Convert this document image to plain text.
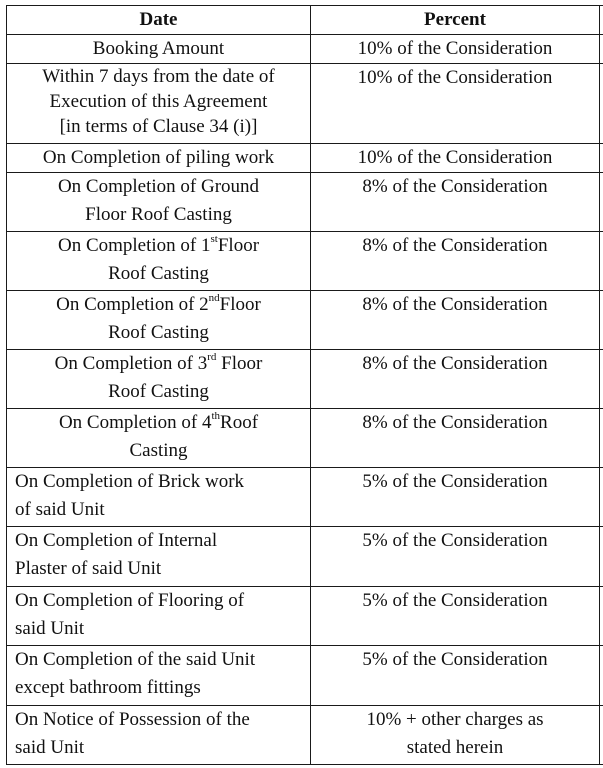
Date	Percent	

Booking Amount	10% of the Consideration	

Within 7 days from the date of
Execution of this Agreement
[in terms of Clause 34 (i)]	10% of the Consideration	

On Completion of piling work	10% of the Consideration	

On Completion of Ground
Floor Roof Casting	8% of the Consideration	

On Completion of 1stFloor
Roof Casting	8% of the Consideration	

On Completion of 2ndFloor
Roof Casting	8% of the Consideration	

On Completion of 3rd Floor
Roof Casting	8% of the Consideration	

On Completion of 4thRoof
Casting	8% of the Consideration	

On Completion of Brick work
of said Unit	5% of the Consideration	

On Completion of Internal
Plaster of said Unit	5% of the Consideration	

On Completion of Flooring of
said Unit	5% of the Consideration	

On Completion of the said Unit
except bathroom fittings	5% of the Consideration	

On Notice of Possession of the
said Unit	10% + other charges as
stated herein	
